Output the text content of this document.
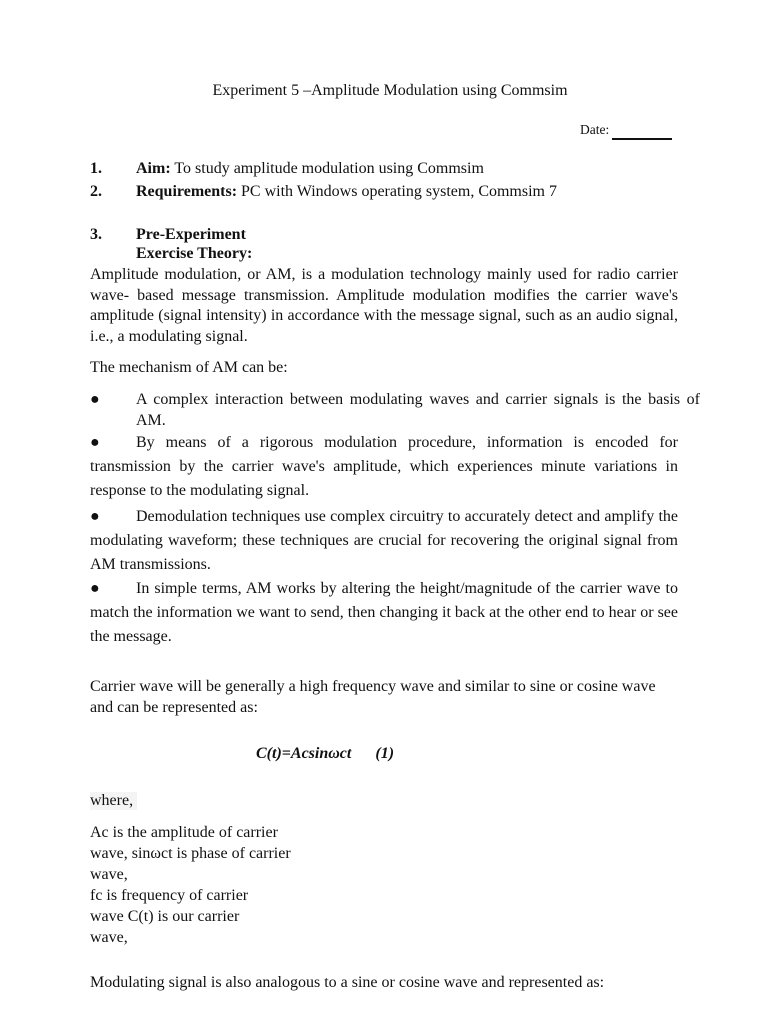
Experiment 5 –Amplitude Modulation using Commsim
Date:
1. Aim: To study amplitude modulation using Commsim
2. Requirements: PC with Windows operating system, Commsim 7
3. Pre-Experiment
Exercise Theory:
Amplitude modulation, or AM, is a modulation technology mainly used for radio carrier wave- based message transmission. Amplitude modulation modifies the carrier wave's amplitude (signal intensity) in accordance with the message signal, such as an audio signal, i.e., a modulating signal.
The mechanism of AM can be:
● A complex interaction between modulating waves and carrier signals is the basis of AM.
● By means of a rigorous modulation procedure, information is encoded for transmission by the carrier wave's amplitude, which experiences minute variations in response to the modulating signal.
● Demodulation techniques use complex circuitry to accurately detect and amplify the modulating waveform; these techniques are crucial for recovering the original signal from AM transmissions.
● In simple terms, AM works by altering the height/magnitude of the carrier wave to match the information we want to send, then changing it back at the other end to hear or see the message.
Carrier wave will be generally a high frequency wave and similar to sine or cosine wave and can be represented as:
C(t)=Acsinωct (1)
where,
Ac is the amplitude of carrier
wave, sinωct is phase of carrier
wave,
fc is frequency of carrier
wave C(t) is our carrier
wave,
Modulating signal is also analogous to a sine or cosine wave and represented as:
